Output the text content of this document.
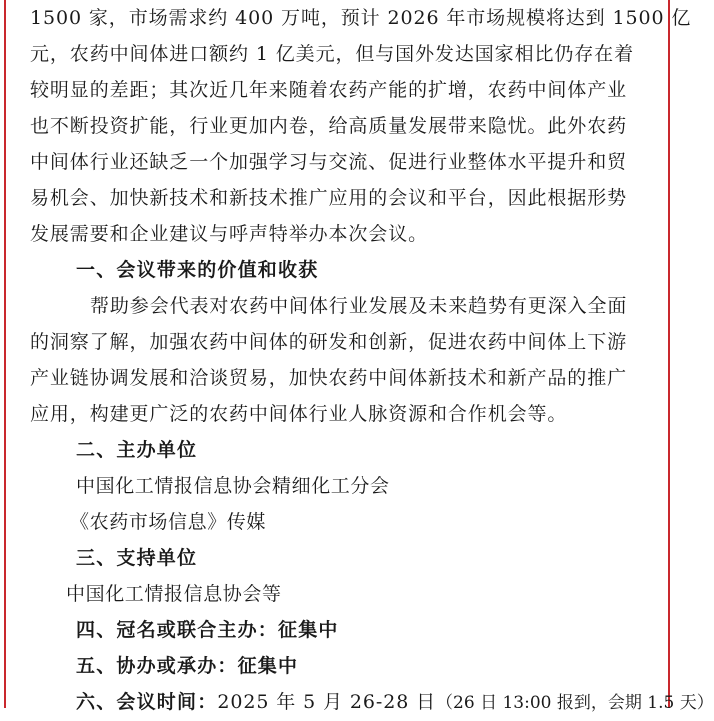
1500 家，市场需求约 400 万吨，预计 2026 年市场规模将达到 1500 亿
元，农药中间体进口额约 1 亿美元，但与国外发达国家相比仍存在着
较明显的差距；其次近几年来随着农药产能的扩增，农药中间体产业
也不断投资扩能，行业更加内卷，给高质量发展带来隐忧。此外农药
中间体行业还缺乏一个加强学习与交流、促进行业整体水平提升和贸
易机会、加快新技术和新技术推广应用的会议和平台，因此根据形势
发展需要和企业建议与呼声特举办本次会议。
一、会议带来的价值和收获
帮助参会代表对农药中间体行业发展及未来趋势有更深入全面
的洞察了解，加强农药中间体的研发和创新，促进农药中间体上下游
产业链协调发展和洽谈贸易，加快农药中间体新技术和新产品的推广
应用，构建更广泛的农药中间体行业人脉资源和合作机会等。
二、主办单位
中国化工情报信息协会精细化工分会
《农药市场信息》传媒
三、支持单位
中国化工情报信息协会等
四、冠名或联合主办：征集中
五、协办或承办：征集中
六、会议时间：2025 年 5 月 26-28 日（26 日 13:00 报到，会期 1.5 天）
